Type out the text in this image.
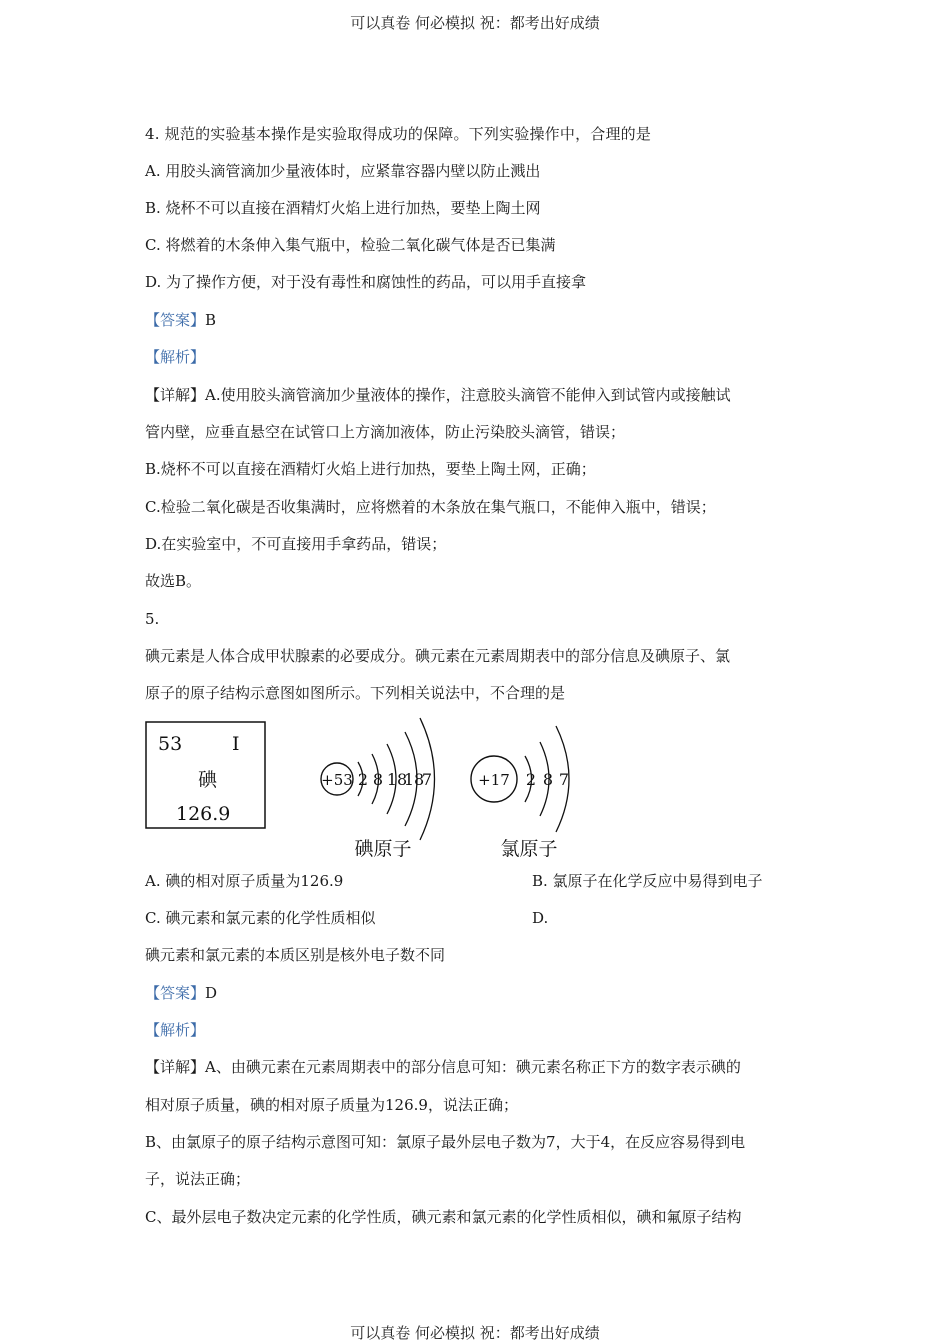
可以真卷 何必模拟 祝：都考出好成绩
4. 规范的实验基本操作是实验取得成功的保障。下列实验操作中，合理的是
A. 用胶头滴管滴加少量液体时，应紧靠容器内壁以防止溅出
B. 烧杯不可以直接在酒精灯火焰上进行加热，要垫上陶土网
C. 将燃着的木条伸入集气瓶中，检验二氧化碳气体是否已集满
D. 为了操作方便，对于没有毒性和腐蚀性的药品，可以用手直接拿
【答案】B
【解析】
【详解】A.使用胶头滴管滴加少量液体的操作，注意胶头滴管不能伸入到试管内或接触试
管内壁，应垂直悬空在试管口上方滴加液体，防止污染胶头滴管，错误；
B.烧杯不可以直接在酒精灯火焰上进行加热，要垫上陶土网，正确；
C.检验二氧化碳是否收集满时，应将燃着的木条放在集气瓶口，不能伸入瓶中，错误；
D.在实验室中，不可直接用手拿药品，错误；
故选B。
5.
碘元素是人体合成甲状腺素的必要成分。碘元素在元素周期表中的部分信息及碘原子、氯
原子的原子结构示意图如图所示。下列相关说法中，不合理的是
53	I
碘
126.9
+53 2 8 18
18
7
碘原子
+17 2 8 7
氯原子
A. 碘的相对原子质量为126.9	B. 氯原子在化学反应中易得到电子
C. 碘元素和氯元素的化学性质相似	D.
碘元素和氯元素的本质区别是核外电子数不同
【答案】D
【解析】
【详解】A、由碘元素在元素周期表中的部分信息可知：碘元素名称正下方的数字表示碘的
相对原子质量，碘的相对原子质量为126.9，说法正确；
B、由氯原子的原子结构示意图可知：氯原子最外层电子数为7，大于4，在反应容易得到电
子，说法正确；
C、最外层电子数决定元素的化学性质，碘元素和氯元素的化学性质相似，碘和氟原子结构
可以真卷 何必模拟 祝：都考出好成绩
